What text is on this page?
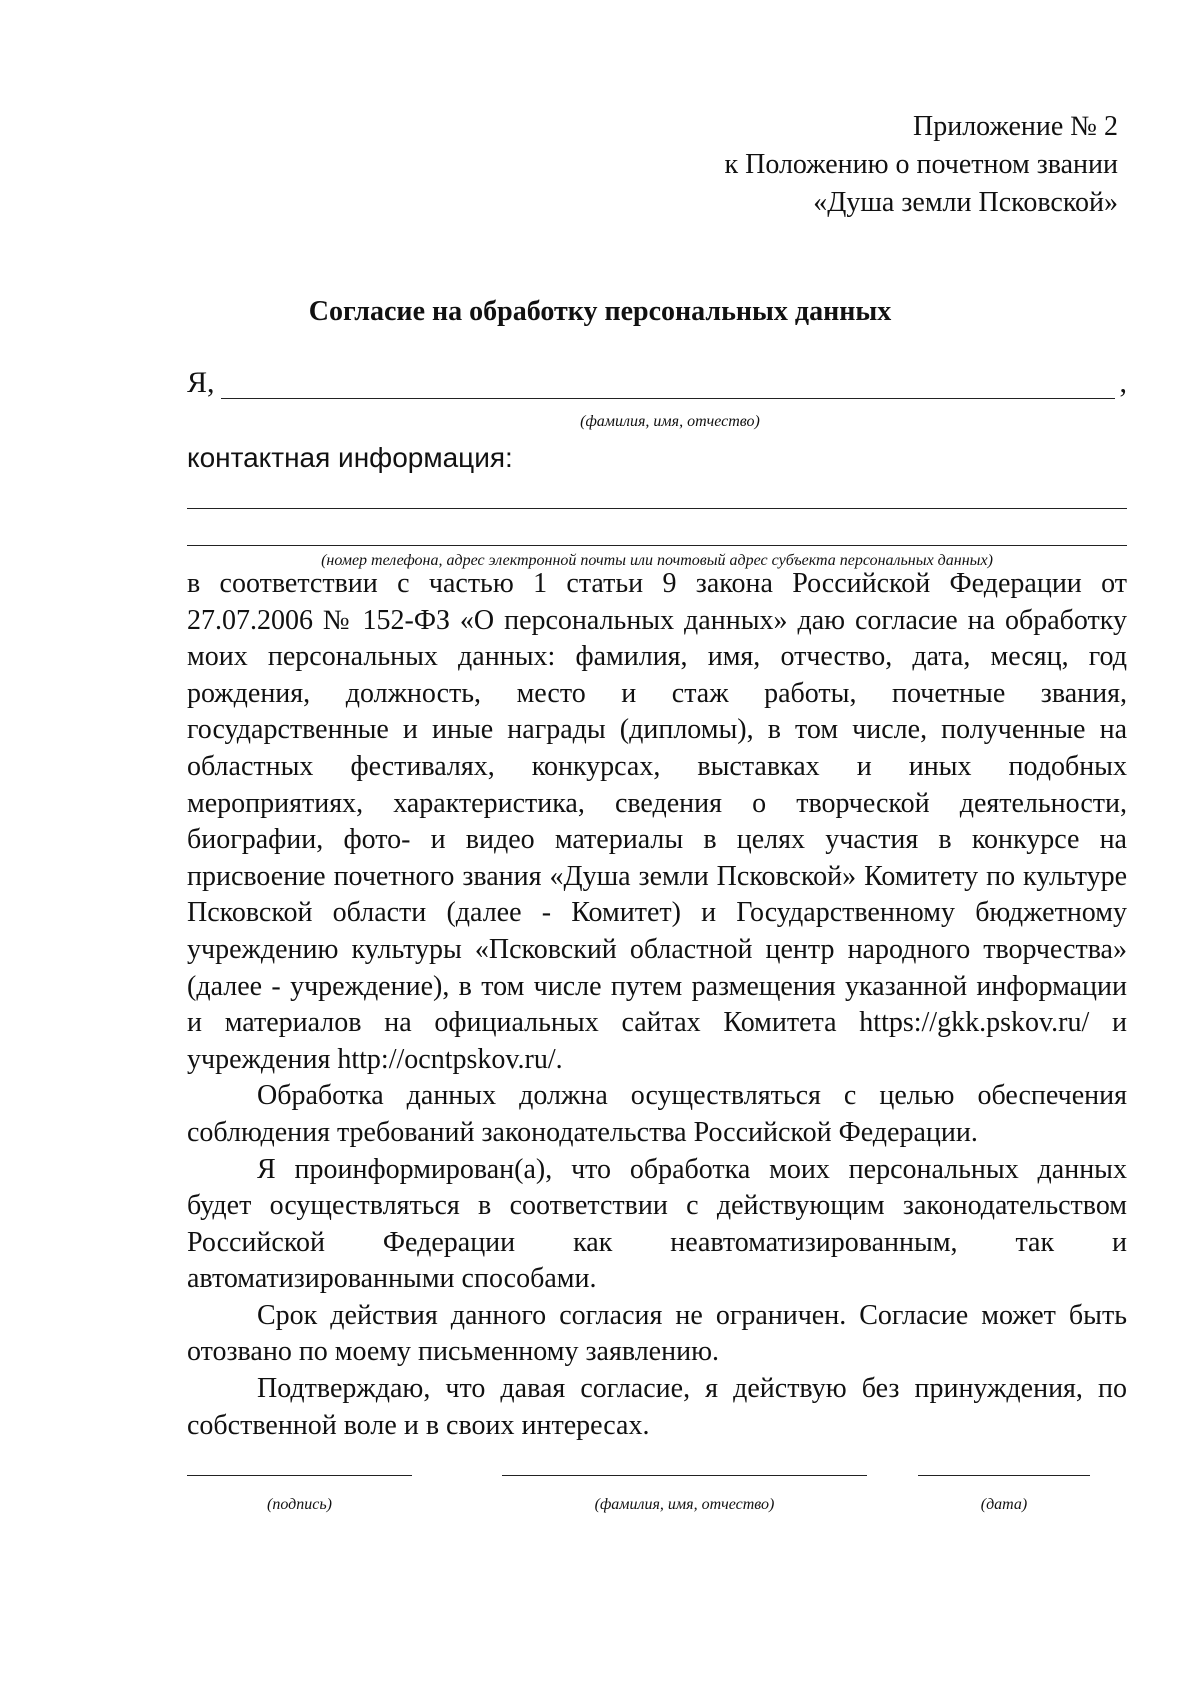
Приложение № 2
к Положению о почетном звании
«Душа земли Псковской»
Согласие на обработку персональных данных
Я,	,
(фамилия, имя, отчество)
контактная информация:
(номер телефона, адрес электронной почты или почтовый адрес субъекта персональных данных)

в соответствии с частью 1 статьи 9 закона Российской Федерации от 27.07.2006 № 152-ФЗ «О персональных данных» даю согласие на обработку моих персональных данных: фамилия, имя, отчество, дата, месяц, год рождения, должность, место и стаж работы, почетные звания, государственные и иные награды (дипломы), в том числе, полученные на областных фестивалях, конкурсах, выставках и иных подобных мероприятиях, характеристика, сведения о творческой деятельности, биографии, фото- и видео материалы в целях участия в конкурсе на присвоение почетного звания «Душа земли Псковской» Комитету по культуре Псковской области (далее - Комитет) и Государственному бюджетному учреждению культуры «Псковский областной центр народного творчества» (далее - учреждение), в том числе путем размещения указанной информации и материалов на официальных сайтах Комитета https://gkk.pskov.ru/ и учреждения http://ocntpskov.ru/.

Обработка данных должна осуществляться с целью обеспечения соблюдения требований законодательства Российской Федерации.

Я проинформирован(а), что обработка моих персональных данных будет осуществляться в соответствии с действующим законодательством Российской Федерации как неавтоматизированным, так и автоматизированными способами.

Срок действия данного согласия не ограничен. Согласие может быть отозвано по моему письменному заявлению.

Подтверждаю, что давая согласие, я действую без принуждения, по собственной воле и в своих интересах.

(подпись)	(фамилия, имя, отчество)	(дата)
